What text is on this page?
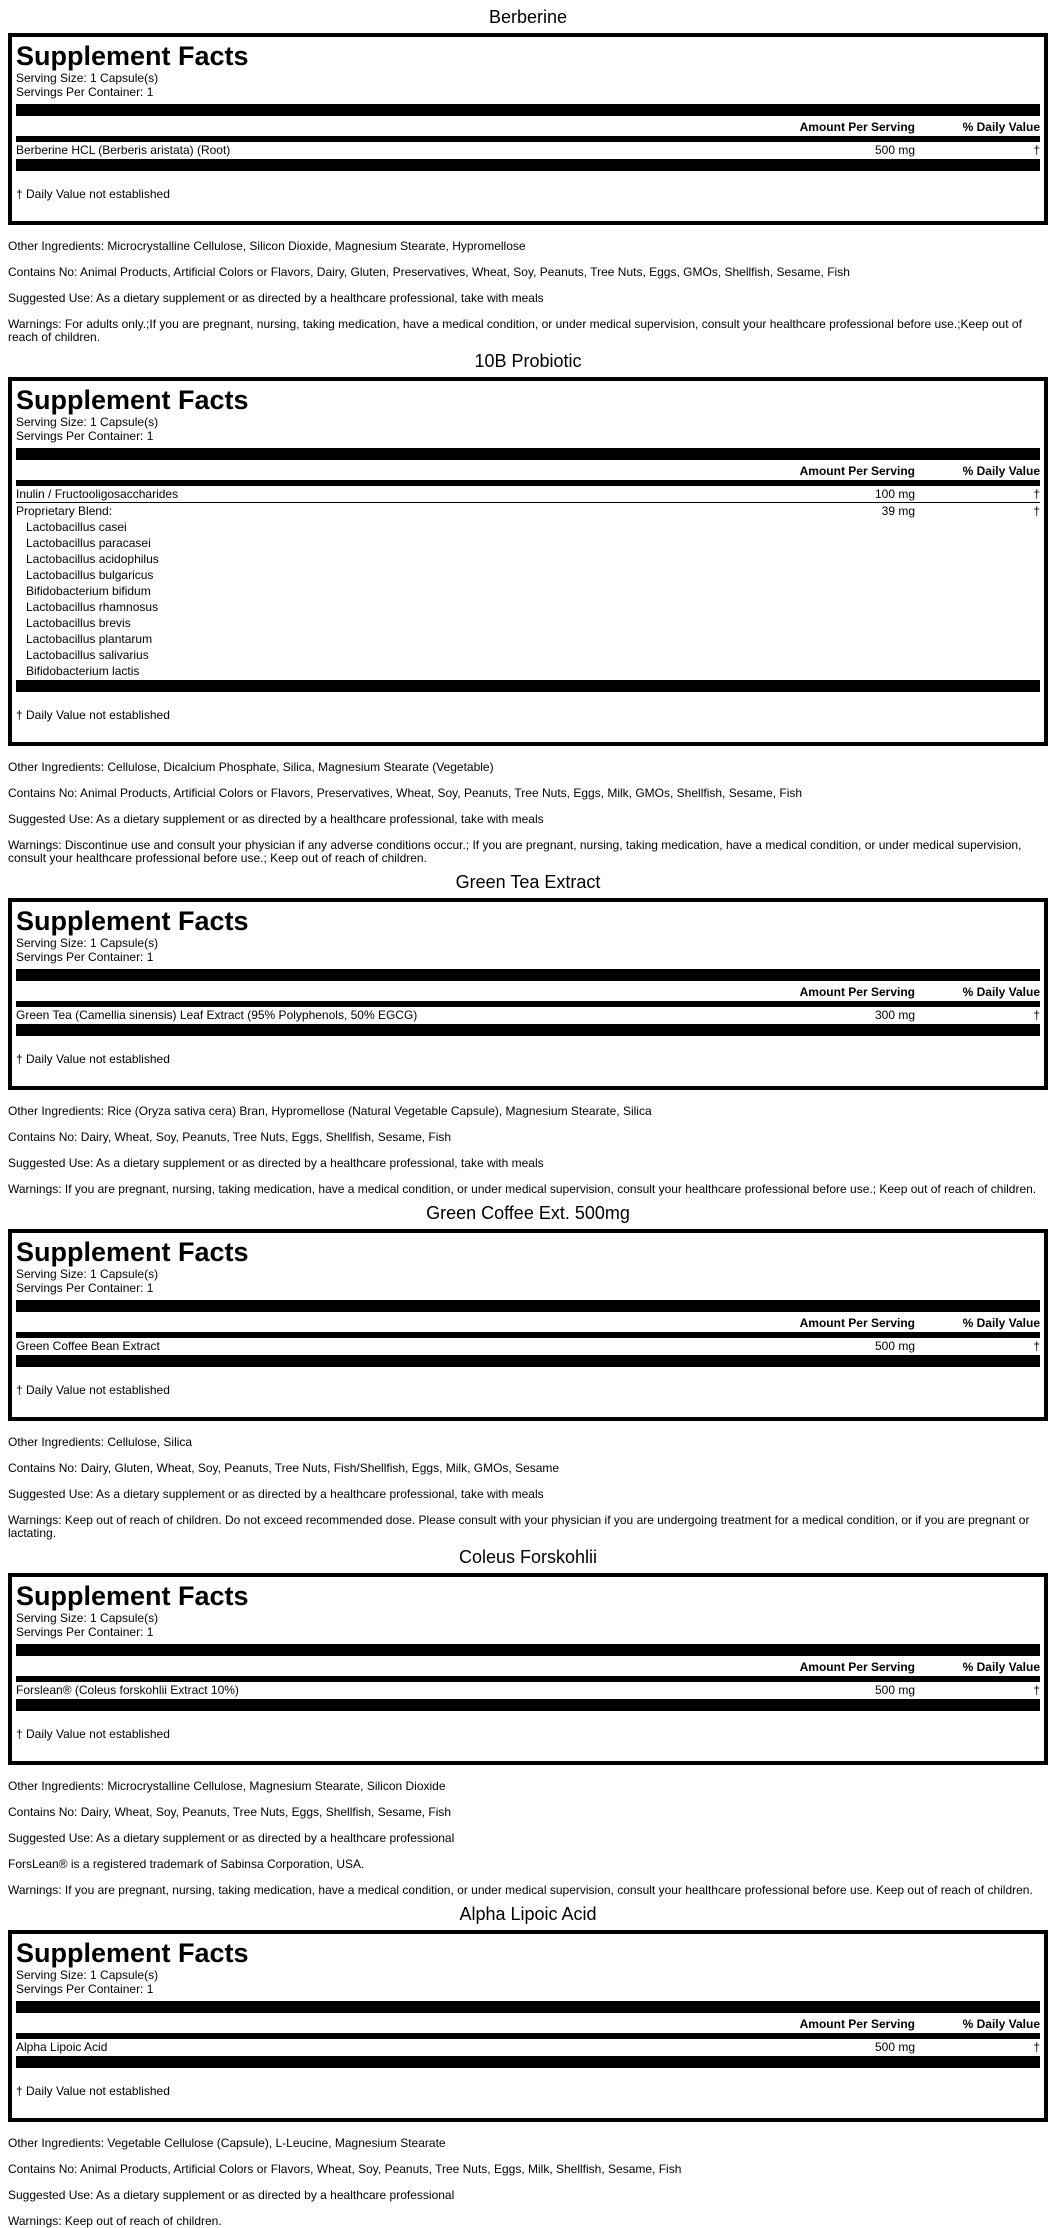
Berberine
Supplement Facts
Serving Size: 1 Capsule(s)
Servings Per Container: 1
Amount Per Serving	% Daily Value
Berberine HCL (Berberis aristata) (Root)	500 mg	†
† Daily Value not established

Other Ingredients: Microcrystalline Cellulose, Silicon Dioxide, Magnesium Stearate, Hypromellose

Contains No: Animal Products, Artificial Colors or Flavors, Dairy, Gluten, Preservatives, Wheat, Soy, Peanuts, Tree Nuts, Eggs, GMOs, Shellfish, Sesame, Fish

Suggested Use: As a dietary supplement or as directed by a healthcare professional, take with meals

Warnings: For adults only.;If you are pregnant, nursing, taking medication, have a medical condition, or under medical supervision, consult your healthcare professional before use.;Keep out of reach of children.

10B Probiotic
Supplement Facts
Serving Size: 1 Capsule(s)
Servings Per Container: 1
Amount Per Serving	% Daily Value
Inulin / Fructooligosaccharides	100 mg	†
Proprietary Blend:	39 mg	†
Lactobacillus casei
Lactobacillus paracasei
Lactobacillus acidophilus
Lactobacillus bulgaricus
Bifidobacterium bifidum
Lactobacillus rhamnosus
Lactobacillus brevis
Lactobacillus plantarum
Lactobacillus salivarius
Bifidobacterium lactis
† Daily Value not established

Other Ingredients: Cellulose, Dicalcium Phosphate, Silica, Magnesium Stearate (Vegetable)

Contains No: Animal Products, Artificial Colors or Flavors, Preservatives, Wheat, Soy, Peanuts, Tree Nuts, Eggs, Milk, GMOs, Shellfish, Sesame, Fish

Suggested Use: As a dietary supplement or as directed by a healthcare professional, take with meals

Warnings: Discontinue use and consult your physician if any adverse conditions occur.; If you are pregnant, nursing, taking medication, have a medical condition, or under medical supervision, consult your healthcare professional before use.; Keep out of reach of children.

Green Tea Extract
Supplement Facts
Serving Size: 1 Capsule(s)
Servings Per Container: 1
Amount Per Serving	% Daily Value
Green Tea (Camellia sinensis) Leaf Extract (95% Polyphenols, 50% EGCG)	300 mg	†
† Daily Value not established

Other Ingredients: Rice (Oryza sativa cera) Bran, Hypromellose (Natural Vegetable Capsule), Magnesium Stearate, Silica

Contains No: Dairy, Wheat, Soy, Peanuts, Tree Nuts, Eggs, Shellfish, Sesame, Fish

Suggested Use: As a dietary supplement or as directed by a healthcare professional, take with meals

Warnings: If you are pregnant, nursing, taking medication, have a medical condition, or under medical supervision, consult your healthcare professional before use.; Keep out of reach of children.

Green Coffee Ext. 500mg
Supplement Facts
Serving Size: 1 Capsule(s)
Servings Per Container: 1
Amount Per Serving	% Daily Value
Green Coffee Bean Extract	500 mg	†
† Daily Value not established

Other Ingredients: Cellulose, Silica

Contains No: Dairy, Gluten, Wheat, Soy, Peanuts, Tree Nuts, Fish/Shellfish, Eggs, Milk, GMOs, Sesame

Suggested Use: As a dietary supplement or as directed by a healthcare professional, take with meals

Warnings: Keep out of reach of children. Do not exceed recommended dose. Please consult with your physician if you are undergoing treatment for a medical condition, or if you are pregnant or lactating.

Coleus Forskohlii
Supplement Facts
Serving Size: 1 Capsule(s)
Servings Per Container: 1
Amount Per Serving	% Daily Value
Forslean® (Coleus forskohlii Extract 10%)	500 mg	†
† Daily Value not established

Other Ingredients: Microcrystalline Cellulose, Magnesium Stearate, Silicon Dioxide

Contains No: Dairy, Wheat, Soy, Peanuts, Tree Nuts, Eggs, Shellfish, Sesame, Fish

Suggested Use: As a dietary supplement or as directed by a healthcare professional

ForsLean® is a registered trademark of Sabinsa Corporation, USA.

Warnings: If you are pregnant, nursing, taking medication, have a medical condition, or under medical supervision, consult your healthcare professional before use. Keep out of reach of children.

Alpha Lipoic Acid
Supplement Facts
Serving Size: 1 Capsule(s)
Servings Per Container: 1
Amount Per Serving	% Daily Value
Alpha Lipoic Acid	500 mg	†
† Daily Value not established

Other Ingredients: Vegetable Cellulose (Capsule), L-Leucine, Magnesium Stearate

Contains No: Animal Products, Artificial Colors or Flavors, Wheat, Soy, Peanuts, Tree Nuts, Eggs, Milk, Shellfish, Sesame, Fish

Suggested Use: As a dietary supplement or as directed by a healthcare professional

Warnings: Keep out of reach of children.
